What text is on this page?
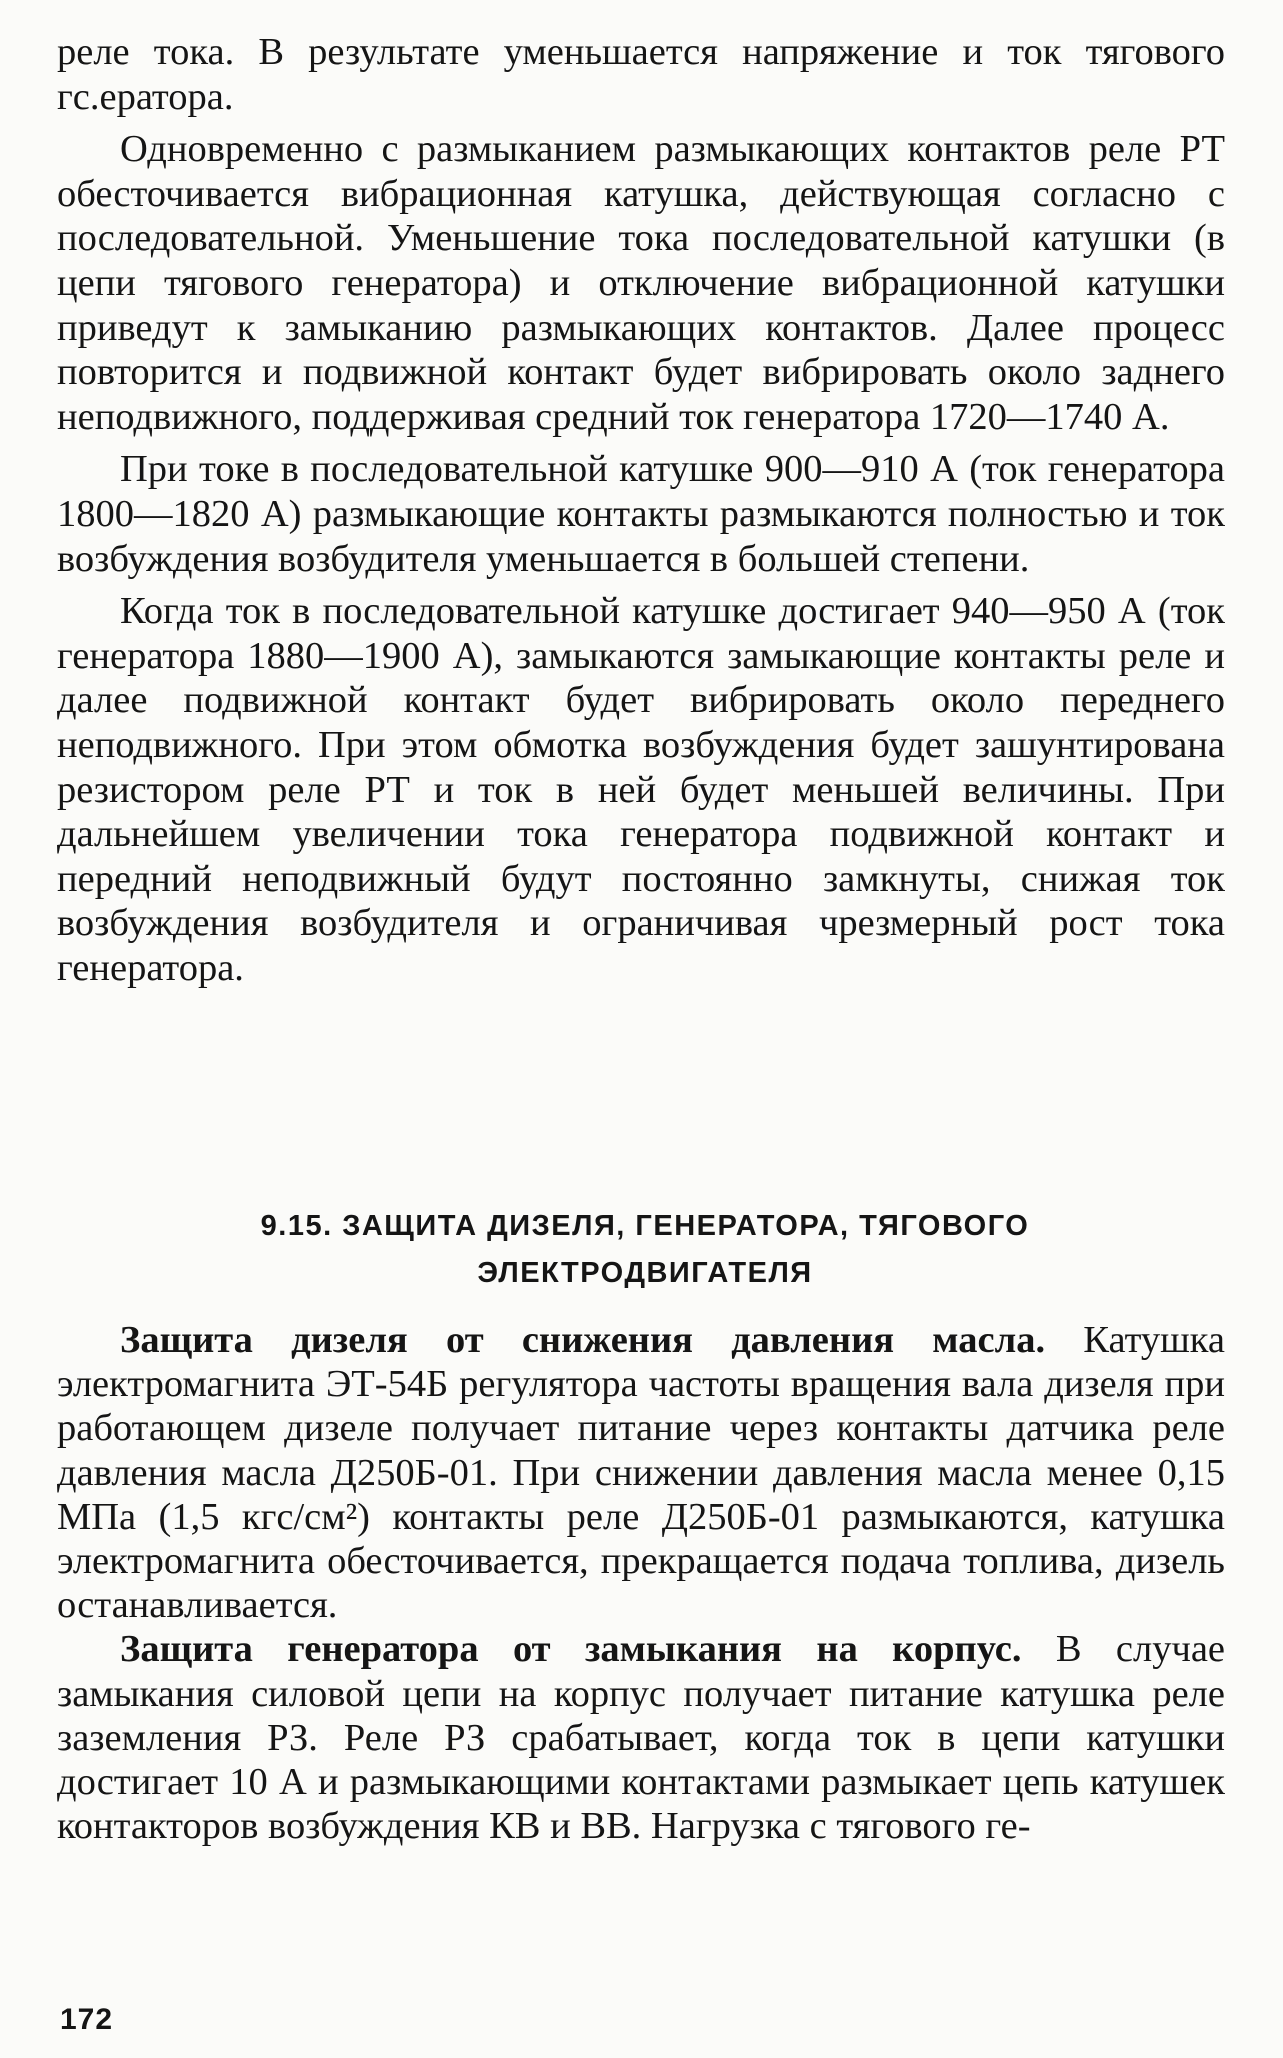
реле тока. В результате уменьшается напряжение и ток тягового гс.ератора.

Одновременно с размыканием размыкающих контактов реле РТ обесточивается вибрационная катушка, действующая согласно с последовательной. Уменьшение тока последовательной катушки (в цепи тягового генератора) и отключение вибрационной катушки приведут к замыканию размыкающих контактов. Далее процесс повторится и подвижной контакт будет вибрировать около заднего неподвижного, поддерживая средний ток генератора 1720—1740 А.

При токе в последовательной катушке 900—910 А (ток генератора 1800—1820 А) размыкающие контакты размыкаются полностью и ток возбуждения возбудителя уменьшается в большей степени.

Когда ток в последовательной катушке достигает 940—950 А (ток генератора 1880—1900 А), замыкаются замыкающие контакты реле и далее подвижной контакт будет вибрировать около переднего неподвижного. При этом обмотка возбуждения будет зашунтирована резистором реле РТ и ток в ней будет меньшей величины. При дальнейшем увеличении тока генератора подвижной контакт и передний неподвижный будут постоянно замкнуты, снижая ток возбуждения возбудителя и ограничивая чрезмерный рост тока генератора.

9.15. ЗАЩИТА ДИЗЕЛЯ, ГЕНЕРАТОРА, ТЯГОВОГО
ЭЛЕКТРОДВИГАТЕЛЯ

Защита дизеля от снижения давления масла. Катушка электромагнита ЭТ-54Б регулятора частоты вращения вала дизеля при работающем дизеле получает питание через контакты датчика реле давления масла Д250Б-01. При снижении давления масла менее 0,15 МПа (1,5 кгс/см²) контакты реле Д250Б-01 размыкаются, катушка электромагнита обесточивается, прекращается подача топлива, дизель останавливается.

Защита генератора от замыкания на корпус. В случае замыкания силовой цепи на корпус получает питание катушка реле заземления РЗ. Реле РЗ срабатывает, когда ток в цепи катушки достигает 10 А и размыкающими контактами размыкает цепь катушек контакторов возбуждения КВ и ВВ. Нагрузка с тягового ге-

172
